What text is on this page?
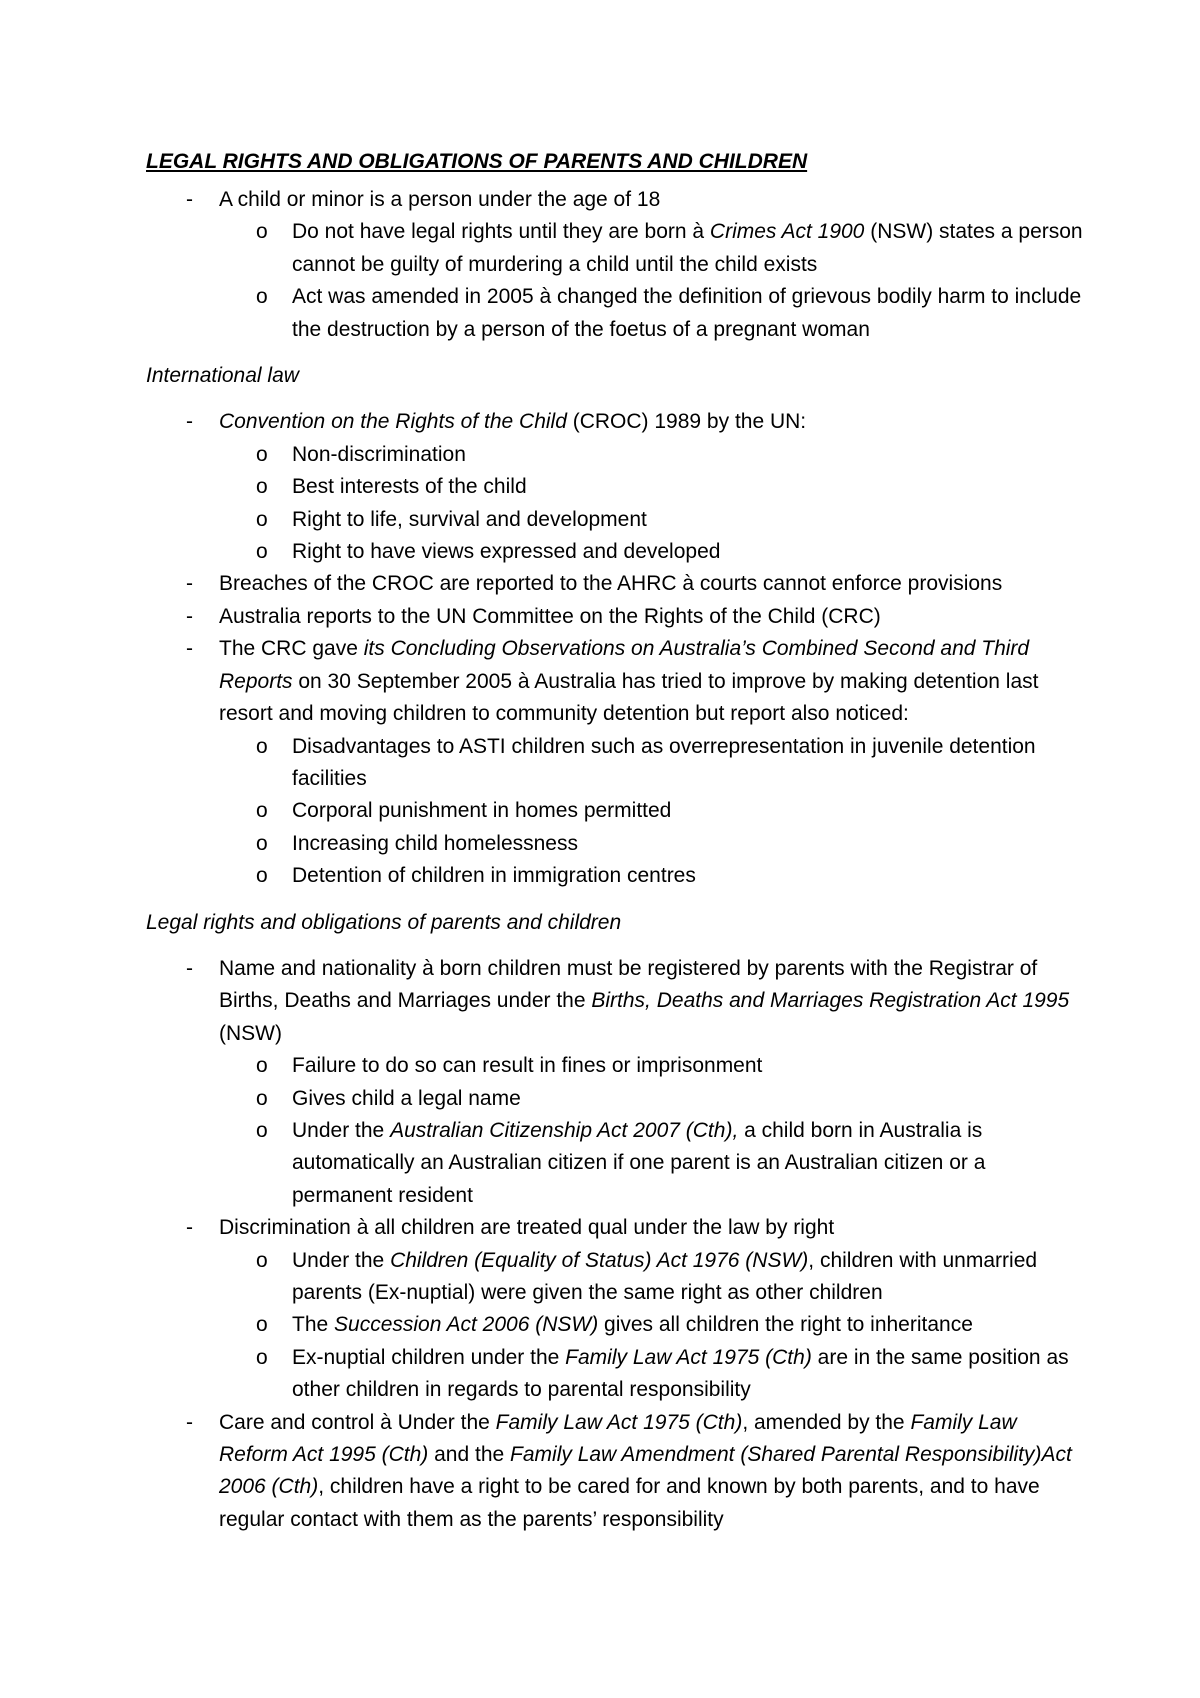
LEGAL RIGHTS AND OBLIGATIONS OF PARENTS AND CHILDREN
- A child or minor is a person under the age of 18
o Do not have legal rights until they are born à Crimes Act 1900 (NSW) states a person cannot be guilty of murdering a child until the child exists
o Act was amended in 2005 à changed the definition of grievous bodily harm to include the destruction by a person of the foetus of a pregnant woman
International law
- Convention on the Rights of the Child (CROC) 1989 by the UN:
o Non-discrimination
o Best interests of the child
o Right to life, survival and development
o Right to have views expressed and developed
- Breaches of the CROC are reported to the AHRC à courts cannot enforce provisions
- Australia reports to the UN Committee on the Rights of the Child (CRC)
- The CRC gave its Concluding Observations on Australia’s Combined Second and Third Reports on 30 September 2005 à Australia has tried to improve by making detention last resort and moving children to community detention but report also noticed:
o Disadvantages to ASTI children such as overrepresentation in juvenile detention facilities
o Corporal punishment in homes permitted
o Increasing child homelessness
o Detention of children in immigration centres
Legal rights and obligations of parents and children
- Name and nationality à born children must be registered by parents with the Registrar of Births, Deaths and Marriages under the Births, Deaths and Marriages Registration Act 1995 (NSW)
o Failure to do so can result in fines or imprisonment
o Gives child a legal name
o Under the Australian Citizenship Act 2007 (Cth), a child born in Australia is automatically an Australian citizen if one parent is an Australian citizen or a permanent resident
- Discrimination à all children are treated qual under the law by right
o Under the Children (Equality of Status) Act 1976 (NSW), children with unmarried parents (Ex-nuptial) were given the same right as other children
o The Succession Act 2006 (NSW) gives all children the right to inheritance
o Ex-nuptial children under the Family Law Act 1975 (Cth) are in the same position as other children in regards to parental responsibility
- Care and control à Under the Family Law Act 1975 (Cth), amended by the Family Law Reform Act 1995 (Cth) and the Family Law Amendment (Shared Parental Responsibility)Act 2006 (Cth), children have a right to be cared for and known by both parents, and to have regular contact with them as the parents’ responsibility
